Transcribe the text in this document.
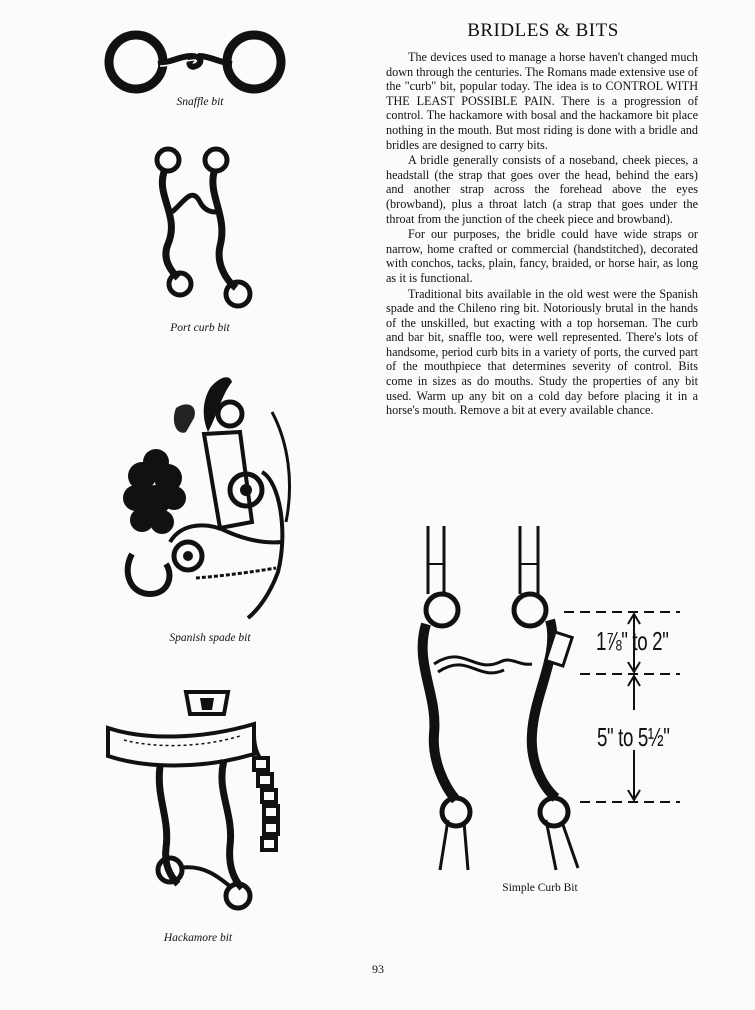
BRIDLES & BITS

The devices used to manage a horse haven't changed much down through the centuries. The Romans made extensive use of the "curb" bit, popular today. The idea is to CONTROL WITH THE LEAST POSSIBLE PAIN. There is a progression of control. The hackamore with bosal and the hackamore bit place nothing in the mouth. But most riding is done with a bridle and bridles are designed to carry bits.

A bridle generally consists of a noseband, cheek pieces, a headstall (the strap that goes over the head, behind the ears) and another strap across the forehead above the eyes (browband), plus a throat latch (a strap that goes under the throat from the junction of the cheek piece and browband).

For our purposes, the bridle could have wide straps or narrow, home crafted or commercial (handstitched), decorated with conchos, tacks, plain, fancy, braided, or horse hair, as long as it is functional.

Traditional bits available in the old west were the Spanish spade and the Chileno ring bit. Notoriously brutal in the hands of the unskilled, but exacting with a top horseman. The curb and bar bit, snaffle too, were well represented. There's lots of handsome, period curb bits in a variety of ports, the curved part of the mouthpiece that determines severity of control. Bits come in sizes as do mouths. Study the properties of any bit used. Warm up any bit on a cold day before placing it in a horse's mouth. Remove a bit at every available chance.

Snaffle bit
Port curb bit
Spanish spade bit
Hackamore bit
1⅞" to 2"
5" to 5½"
Simple Curb Bit
93
